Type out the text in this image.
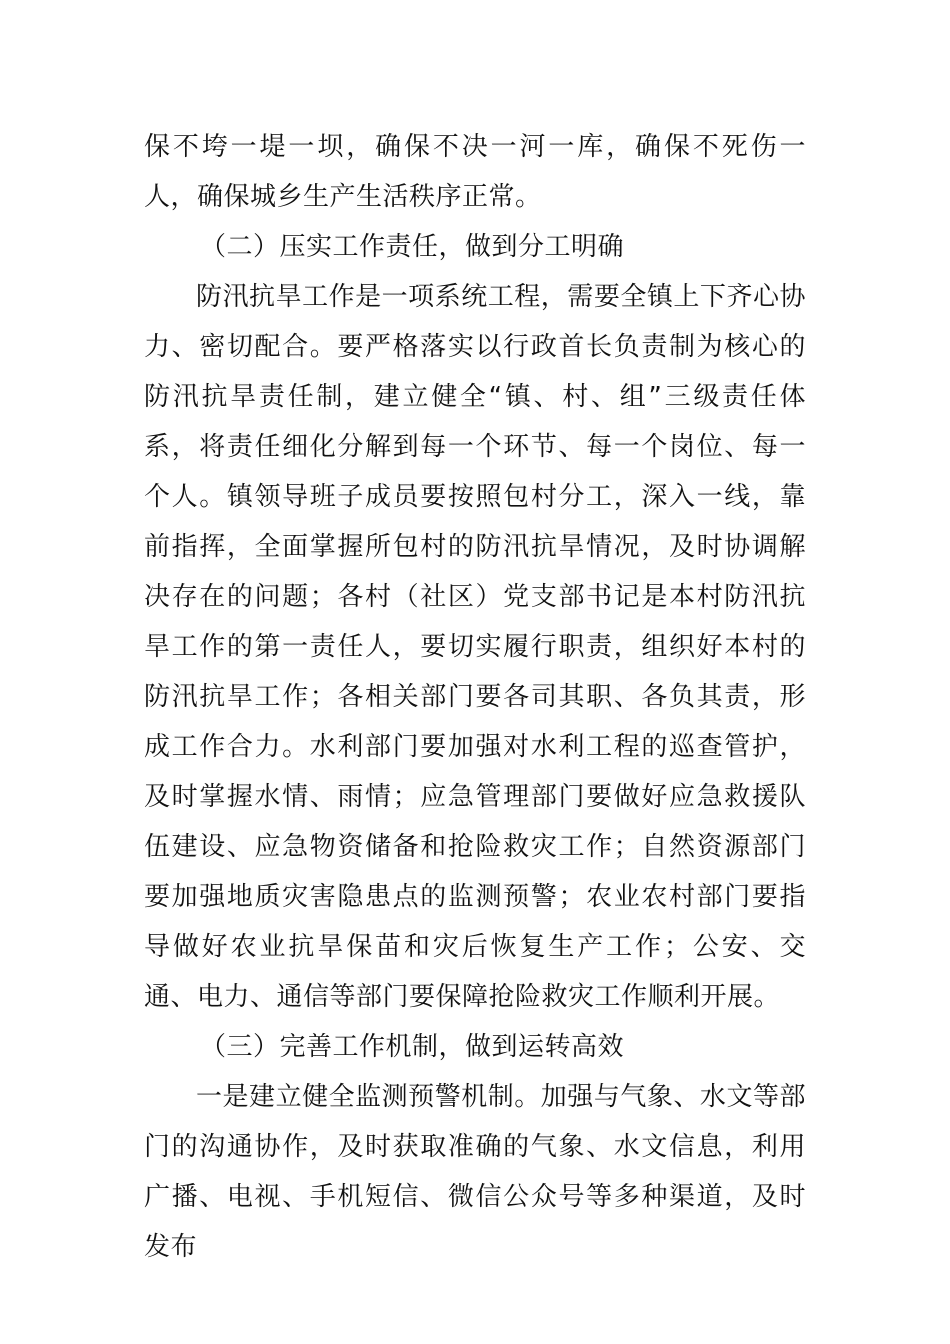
保不垮一堤一坝，确保不决一河一库，确保不死伤一人，确保城乡生产生活秩序正常。

（二）压实工作责任，做到分工明确

防汛抗旱工作是一项系统工程，需要全镇上下齐心协力、密切配合。要严格落实以行政首长负责制为核心的防汛抗旱责任制，建立健全“镇、村、组”三级责任体系，将责任细化分解到每一个环节、每一个岗位、每一个人。镇领导班子成员要按照包村分工，深入一线，靠前指挥，全面掌握所包村的防汛抗旱情况，及时协调解决存在的问题；各村（社区）党支部书记是本村防汛抗旱工作的第一责任人，要切实履行职责，组织好本村的防汛抗旱工作；各相关部门要各司其职、各负其责，形成工作合力。水利部门要加强对水利工程的巡查管护，及时掌握水情、雨情；应急管理部门要做好应急救援队伍建设、应急物资储备和抢险救灾工作；自然资源部门要加强地质灾害隐患点的监测预警；农业农村部门要指导做好农业抗旱保苗和灾后恢复生产工作；公安、交通、电力、通信等部门要保障抢险救灾工作顺利开展。

（三）完善工作机制，做到运转高效

一是建立健全监测预警机制。加强与气象、水文等部门的沟通协作，及时获取准确的气象、水文信息，利用广播、电视、手机短信、微信公众号等多种渠道，及时发布
